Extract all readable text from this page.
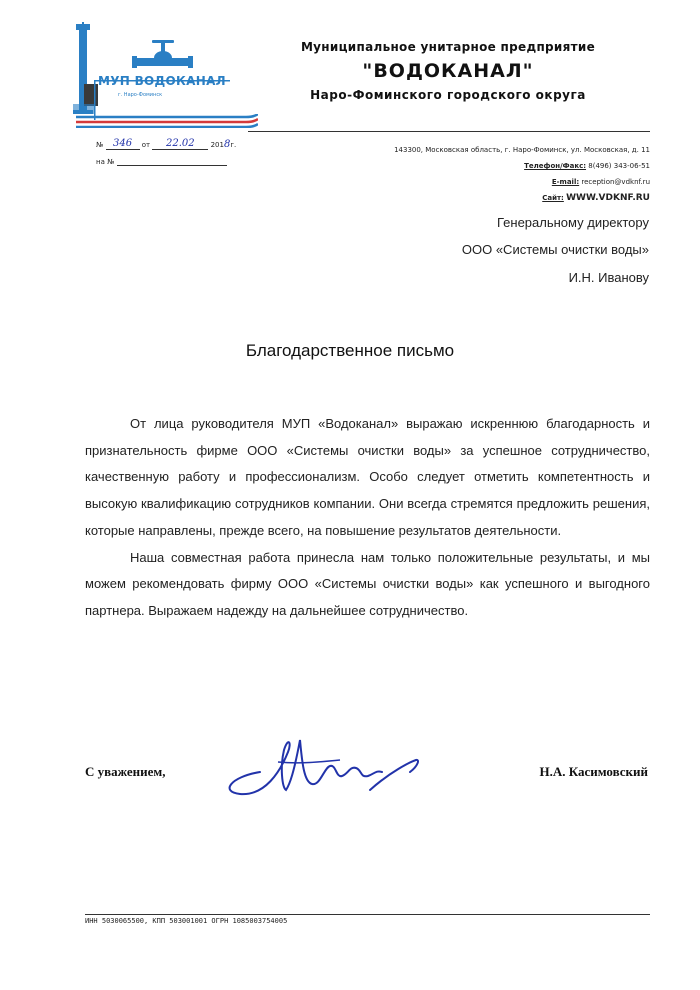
МУП ВОДОКАНАЛ
г. Наро-Фоминск
Муниципальное унитарное предприятие
"ВОДОКАНАЛ"
Наро-Фоминского городского округа
№ 346 от 22.02 2018г.
на №
143300, Московская область, г. Наро-Фоминск, ул. Московская, д. 11
Телефон/Факс: 8(496) 343-06-51
E-mail: reception@vdknf.ru
Сайт: WWW.VDKNF.RU
Генеральному директору
ООО «Системы очистки воды»
И.Н. Иванову
Благодарственное письмо

От лица руководителя МУП «Водоканал» выражаю искреннюю благодарность и признательность фирме ООО «Системы очистки воды» за успешное сотрудничество, качественную работу и профессионализм. Особо следует отметить компетентность и высокую квалификацию сотрудников компании. Они всегда стремятся предложить решения, которые направлены, прежде всего, на повышение результатов деятельности.

Наша совместная работа принесла нам только положительные результаты, и мы можем рекомендовать фирму ООО «Системы очистки воды» как успешного и выгодного партнера. Выражаем надежду на дальнейшее сотрудничество.

С уважением,	Н.А. Касимовский
ИНН 5030065500, КПП 503001001 ОГРН 1085003754005
